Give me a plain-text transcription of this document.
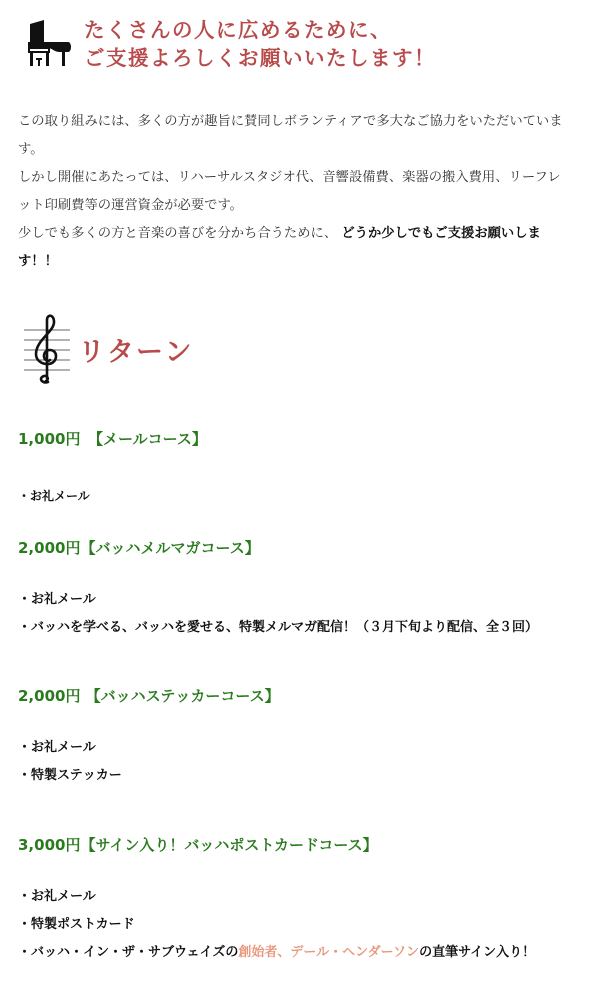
たくさんの人に広めるために、
ご支援よろしくお願いいたします！

この取り組みには、多くの方が趣旨に賛同しボランティアで多大なご協力をいただいていま

す。

しかし開催にあたっては、リハーサルスタジオ代、音響設備費、楽器の搬入費用、リーフレ

ット印刷費等の運営資金が必要です。

少しでも多くの方と音楽の喜びを分かち合うために、 どうか少しでもご支援お願いしま

す！！

リターン
1,000円　【メールコース】
・お礼メール
2,000円【バッハメルマガコース】
・お礼メール
・バッハを学べる、バッハを愛せる、特製メルマガ配信！（３月下旬より配信、全３回）
2,000円 【バッハステッカーコース】
・お礼メール
・特製ステッカー
3,000円【サイン入り！バッハポストカードコース】
・お礼メール
・特製ポストカード
・バッハ・イン・ザ・サブウェイズの創始者、デール・ヘンダーソンの直筆サイン入り！
